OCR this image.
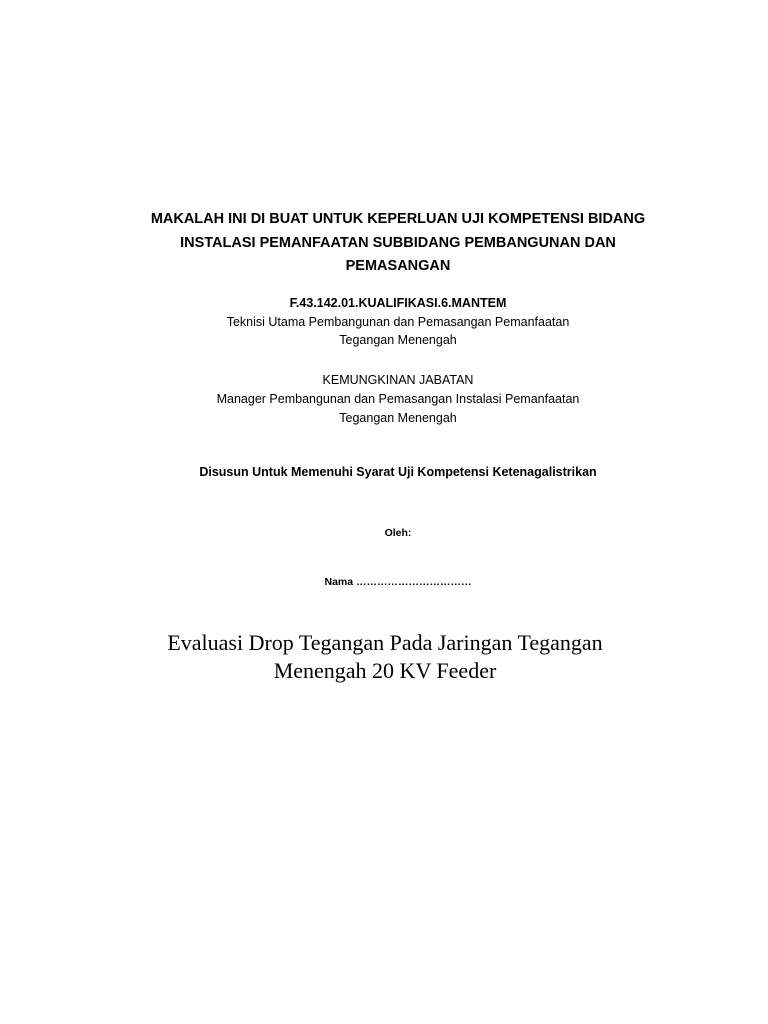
MAKALAH INI DI BUAT UNTUK KEPERLUAN UJI KOMPETENSI BIDANG
INSTALASI PEMANFAATAN SUBBIDANG PEMBANGUNAN DAN
PEMASANGAN
F.43.142.01.KUALIFIKASI.6.MANTEM
Teknisi Utama Pembangunan dan Pemasangan Pemanfaatan
Tegangan Menengah
KEMUNGKINAN JABATAN
Manager Pembangunan dan Pemasangan Instalasi Pemanfaatan
Tegangan Menengah
Disusun Untuk Memenuhi Syarat Uji Kompetensi Ketenagalistrikan
Oleh:
Nama ……………………………
Evaluasi Drop Tegangan Pada Jaringan Tegangan
Menengah 20 KV Feeder
